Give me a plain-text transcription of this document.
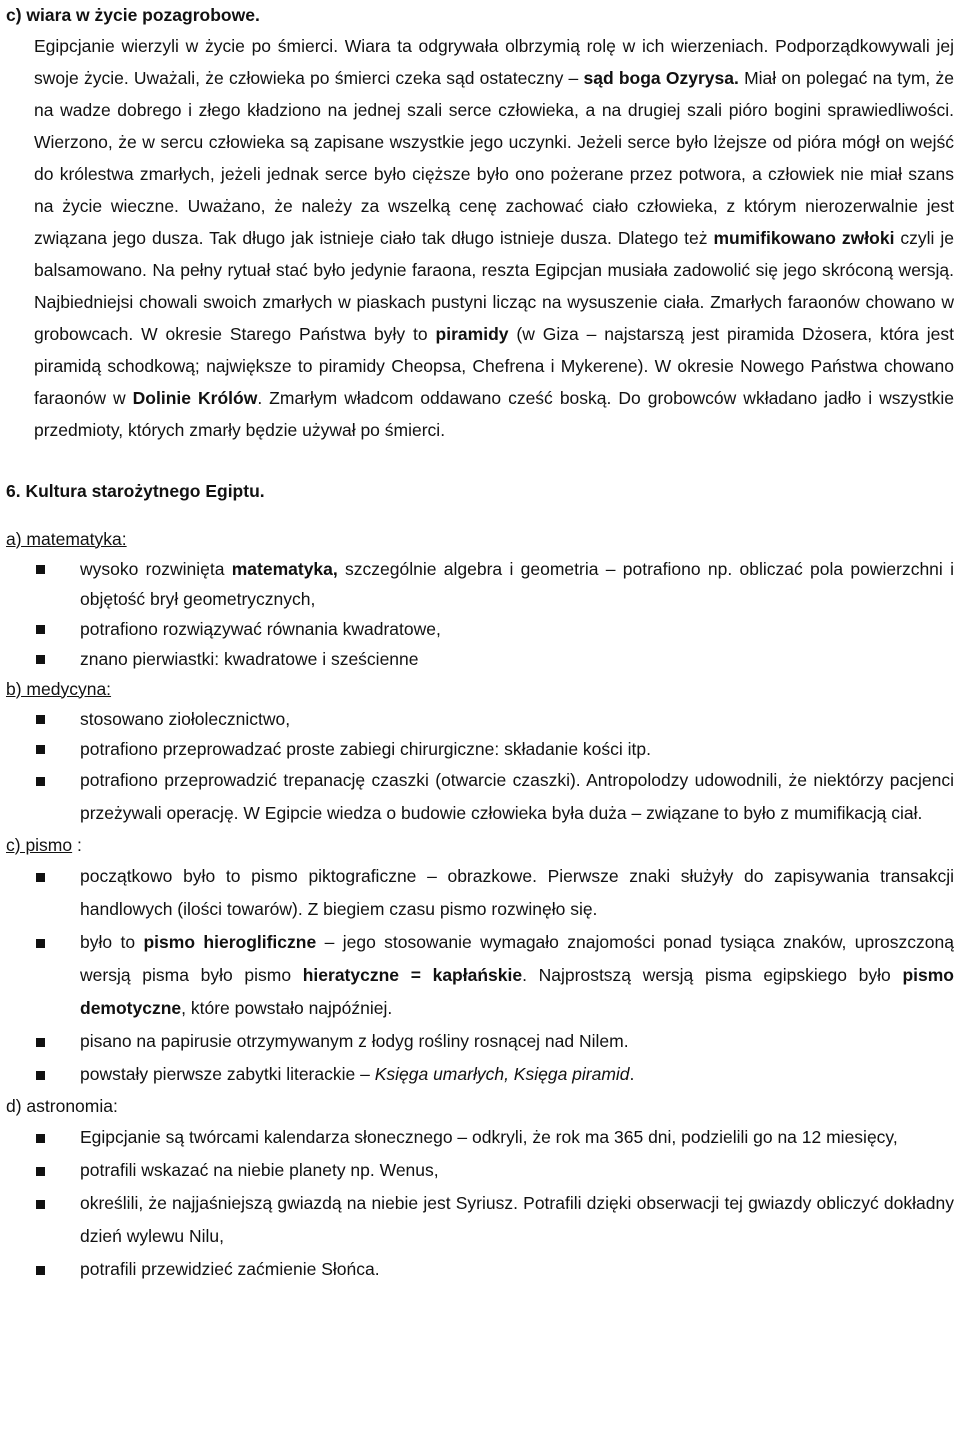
c) wiara w życie pozagrobowe.

Egipcjanie wierzyli w życie po śmierci. Wiara ta odgrywała olbrzymią rolę w ich wierzeniach. Podporządkowywali jej swoje życie. Uważali, że człowieka po śmierci czeka sąd ostateczny – sąd boga Ozyrysa. Miał on polegać na tym, że na wadze dobrego i złego kładziono na jednej szali serce człowieka, a na drugiej szali pióro bogini sprawiedliwości. Wierzono, że w sercu człowieka są zapisane wszystkie jego uczynki. Jeżeli serce było lżejsze od pióra mógł on wejść do królestwa zmarłych, jeżeli jednak serce było cięższe było ono pożerane przez potwora, a człowiek nie miał szans na życie wieczne. Uważano, że należy za wszelką cenę zachować ciało człowieka, z którym nierozerwalnie jest związana jego dusza. Tak długo jak istnieje ciało tak długo istnieje dusza. Dlatego też mumifikowano zwłoki czyli je balsamowano. Na pełny rytuał stać było jedynie faraona, reszta Egipcjan musiała zadowolić się jego skróconą wersją. Najbiedniejsi chowali swoich zmarłych w piaskach pustyni licząc na wysuszenie ciała. Zmarłych faraonów chowano w grobowcach. W okresie Starego Państwa były to piramidy (w Giza – najstarszą jest piramida Dżosera, która jest piramidą schodkową; największe to piramidy Cheopsa, Chefrena i Mykerene). W okresie Nowego Państwa chowano faraonów w Dolinie Królów. Zmarłym władcom oddawano cześć boską. Do grobowców wkładano jadło i wszystkie przedmioty, których zmarły będzie używał po śmierci.

6. Kultura starożytnego Egiptu.

a) matematyka:

wysoko rozwinięta matematyka, szczególnie algebra i geometria – potrafiono np. obliczać pola powierzchni i objętość brył geometrycznych,
potrafiono rozwiązywać równania kwadratowe,
znano pierwiastki: kwadratowe i sześcienne

b) medycyna:

stosowano ziołolecznictwo,
potrafiono przeprowadzać proste zabiegi chirurgiczne: składanie kości itp.
potrafiono przeprowadzić trepanację czaszki (otwarcie czaszki). Antropolodzy udowodnili, że niektórzy pacjenci przeżywali operację. W Egipcie wiedza o budowie człowieka była duża – związane to było z mumifikacją ciał.

c) pismo :

początkowo było to pismo piktograficzne – obrazkowe. Pierwsze znaki służyły do zapisywania transakcji handlowych (ilości towarów). Z biegiem czasu pismo rozwinęło się.
było to pismo hieroglificzne – jego stosowanie wymagało znajomości ponad tysiąca znaków, uproszczoną wersją pisma było pismo hieratyczne = kapłańskie. Najprostszą wersją pisma egipskiego było pismo demotyczne, które powstało najpóźniej.
pisano na papirusie otrzymywanym z łodyg rośliny rosnącej nad Nilem.
powstały pierwsze zabytki literackie – Księga umarłych, Księga piramid.

d) astronomia:

Egipcjanie są twórcami kalendarza słonecznego – odkryli, że rok ma 365 dni, podzielili go na 12 miesięcy,
potrafili wskazać na niebie planety np. Wenus,
określili, że najjaśniejszą gwiazdą na niebie jest Syriusz. Potrafili dzięki obserwacji tej gwiazdy obliczyć dokładny dzień wylewu Nilu,
potrafili przewidzieć zaćmienie Słońca.
